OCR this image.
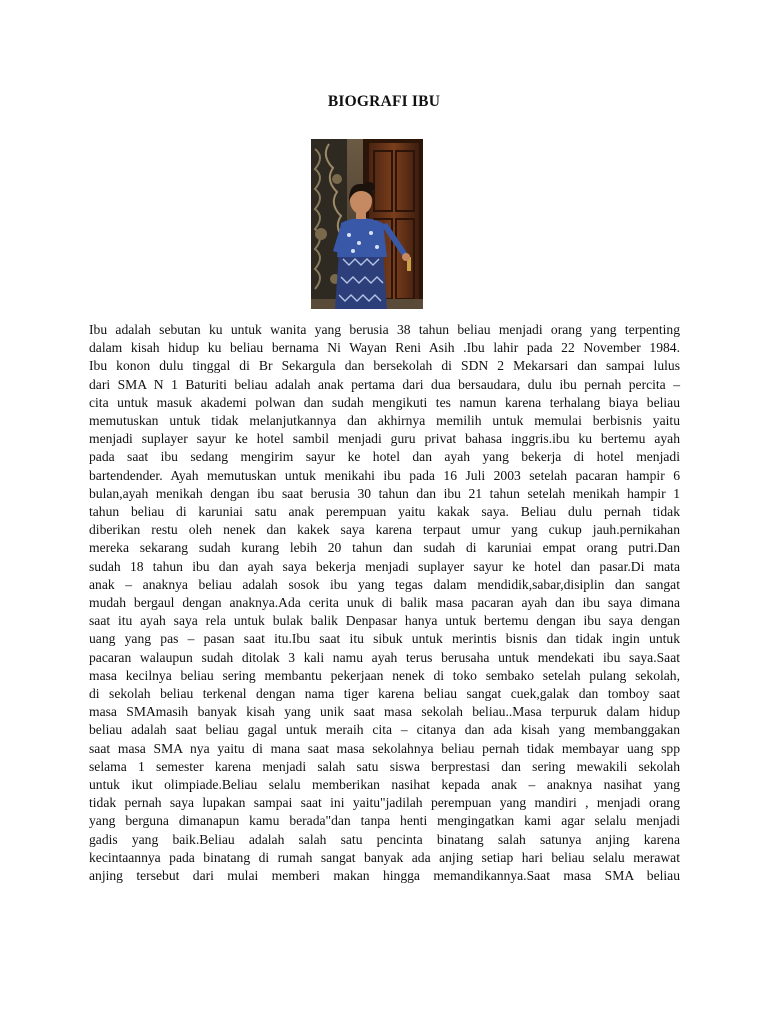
BIOGRAFI IBU
Ibu adalah sebutan ku untuk wanita yang berusia 38 tahun beliau menjadi orang yang terpenting
dalam kisah hidup ku beliau bernama Ni Wayan Reni Asih .Ibu lahir pada 22 November 1984.
Ibu konon dulu tinggal di Br Sekargula dan bersekolah di SDN 2 Mekarsari dan sampai lulus
dari SMA N 1 Baturiti beliau adalah anak pertama dari dua bersaudara, dulu ibu pernah percita –
cita untuk masuk akademi polwan dan sudah mengikuti tes namun karena terhalang biaya beliau
memutuskan untuk tidak melanjutkannya dan akhirnya memilih untuk memulai berbisnis yaitu
menjadi suplayer sayur ke hotel sambil menjadi guru privat bahasa inggris.ibu ku bertemu ayah
pada saat ibu sedang mengirim sayur ke hotel dan ayah yang bekerja di hotel menjadi
bartendender. Ayah memutuskan untuk menikahi ibu pada 16 Juli 2003 setelah pacaran hampir 6
bulan,ayah menikah dengan ibu saat berusia 30 tahun dan ibu 21 tahun setelah menikah hampir 1
tahun beliau di karuniai satu anak perempuan yaitu kakak saya. Beliau dulu pernah tidak
diberikan restu oleh nenek dan kakek saya karena terpaut umur yang cukup jauh.pernikahan
mereka sekarang sudah kurang lebih 20 tahun dan sudah di karuniai empat orang putri.Dan
sudah 18 tahun ibu dan ayah saya bekerja menjadi suplayer sayur ke hotel dan pasar.Di mata
anak – anaknya beliau adalah sosok ibu yang tegas dalam mendidik,sabar,disiplin dan sangat
mudah bergaul dengan anaknya.Ada cerita unuk di balik masa pacaran ayah dan ibu saya dimana
saat itu ayah saya rela untuk bulak balik Denpasar hanya untuk bertemu dengan ibu saya dengan
uang yang pas – pasan saat itu.Ibu saat itu sibuk untuk merintis bisnis dan tidak ingin untuk
pacaran walaupun sudah ditolak 3 kali namu ayah terus berusaha untuk mendekati ibu saya.Saat
masa kecilnya beliau sering membantu pekerjaan nenek di toko sembako setelah pulang sekolah,
di sekolah beliau terkenal dengan nama tiger karena beliau sangat cuek,galak dan tomboy saat
masa SMAmasih banyak kisah yang unik saat masa sekolah beliau..Masa terpuruk dalam hidup
beliau adalah saat beliau gagal untuk meraih cita – citanya dan ada kisah yang membanggakan
saat masa SMA nya yaitu di mana saat masa sekolahnya beliau pernah tidak membayar uang spp
selama 1 semester karena menjadi salah satu siswa berprestasi dan sering mewakili sekolah
untuk ikut olimpiade.Beliau selalu memberikan nasihat kepada anak – anaknya nasihat yang
tidak pernah saya lupakan sampai saat ini yaitu"jadilah perempuan yang mandiri , menjadi orang
yang berguna dimanapun kamu berada"dan tanpa henti mengingatkan kami agar selalu menjadi
gadis yang baik.Beliau adalah salah satu pencinta binatang salah satunya anjing karena
kecintaannya pada binatang di rumah sangat banyak ada anjing setiap hari beliau selalu merawat
anjing tersebut dari mulai memberi makan hingga memandikannya.Saat masa SMA beliau
